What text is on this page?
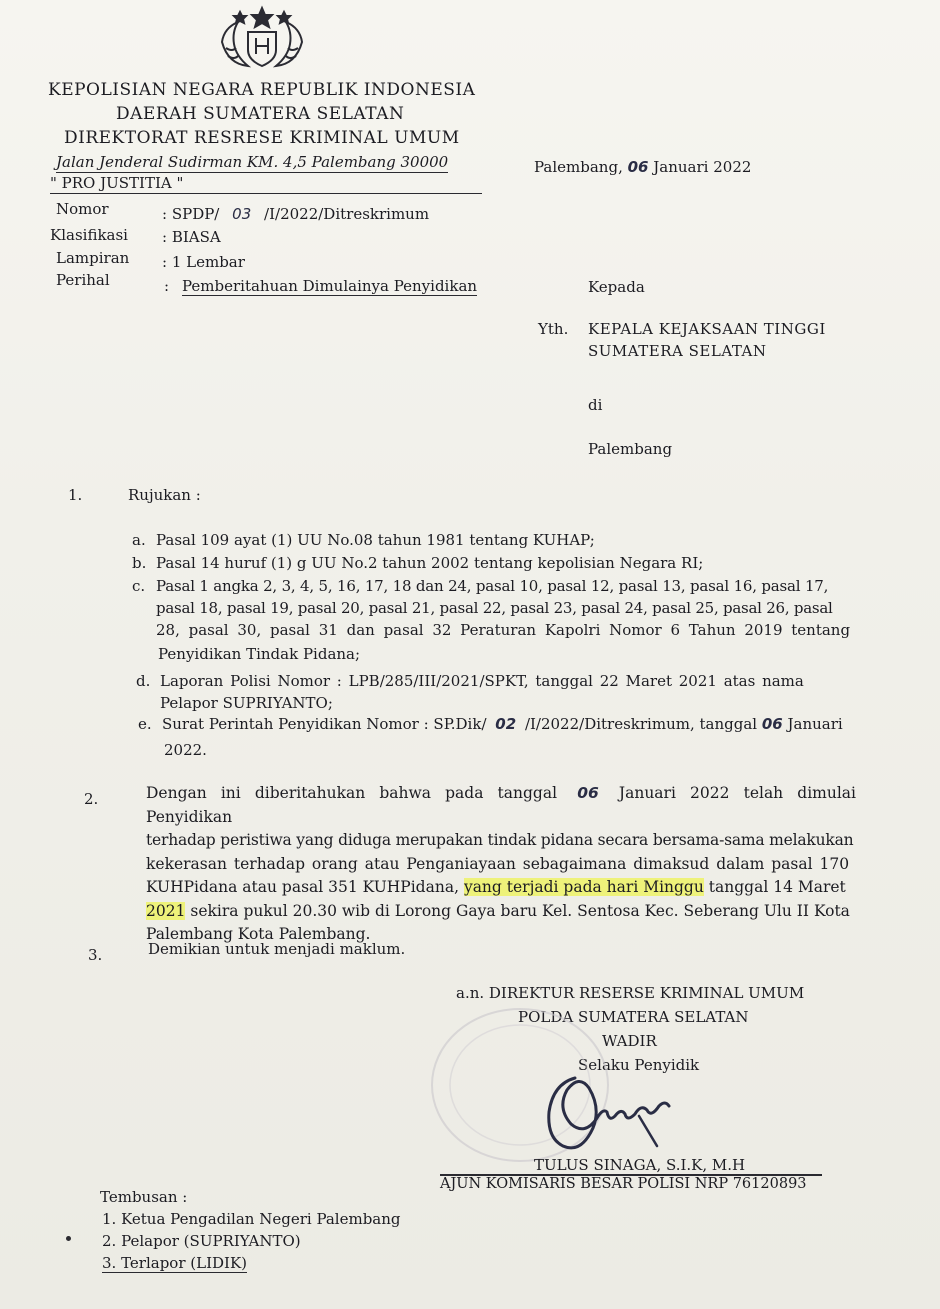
KEPOLISIAN NEGARA REPUBLIK INDONESIA
DAERAH SUMATERA SELATAN
DIREKTORAT RESRESE KRIMINAL UMUM
Jalan Jenderal Sudirman KM. 4,5 Palembang 30000
" PRO JUSTITIA "
Palembang, 06 Januari 2022
Nomor	: SPDP/ 03 /I/2022/Ditreskrimum
Klasifikasi : BIASA
Lampiran : 1 Lembar
Perihal	: Pemberitahuan Dimulainya Penyidikan	Kepada
Yth. KEPALA KEJAKSAAN TINGGI
SUMATERA SELATAN
di
Palembang
1.	Rujukan :
a. Pasal 109 ayat (1) UU No.08 tahun 1981 tentang KUHAP;
b. Pasal 14 huruf (1) g UU No.2 tahun 2002 tentang kepolisian Negara RI;
c. Pasal 1 angka 2, 3, 4, 5, 16, 17, 18 dan 24, pasal 10, pasal 12, pasal 13, pasal 16, pasal 17,
pasal 18, pasal 19, pasal 20, pasal 21, pasal 22, pasal 23, pasal 24, pasal 25, pasal 26, pasal
28, pasal 30, pasal 31 dan pasal 32 Peraturan Kapolri Nomor 6 Tahun 2019 tentang
Penyidikan Tindak Pidana;
d. Laporan Polisi Nomor : LPB/285/III/2021/SPKT, tanggal 22 Maret 2021 atas nama
Pelapor SUPRIYANTO;
e. Surat Perintah Penyidikan Nomor : SP.Dik/ 02 /I/2022/Ditreskrimum, tanggal 06 Januari
2022.
2.	Dengan ini diberitahukan bahwa pada tanggal 06 Januari 2022 telah dimulai Penyidikan
terhadap peristiwa yang diduga merupakan tindak pidana secara bersama-sama melakukan
kekerasan terhadap orang atau Penganiayaan sebagaimana dimaksud dalam pasal 170
KUHPidana atau pasal 351 KUHPidana, yang terjadi pada hari Minggu tanggal 14 Maret
2021 sekira pukul 20.30 wib di Lorong Gaya baru Kel. Sentosa Kec. Seberang Ulu II Kota
Palembang Kota Palembang.
3.	Demikian untuk menjadi maklum.
a.n. DIREKTUR RESERSE KRIMINAL UMUM
POLDA SUMATERA SELATAN
WADIR
Selaku Penyidik
TULUS SINAGA, S.I.K, M.H
AJUN KOMISARIS BESAR POLISI NRP 76120893
Tembusan :
1. Ketua Pengadilan Negeri Palembang
2. Pelapor (SUPRIYANTO)
3. Terlapor (LIDIK)
